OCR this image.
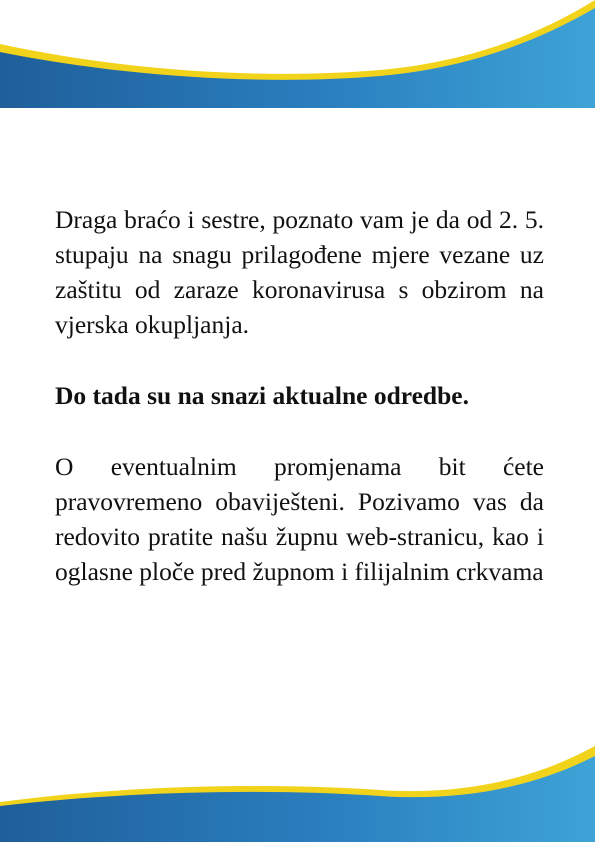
Draga braćo i sestre, poznato vam je da od 2. 5. stupaju na snagu prilagođene mjere vezane uz zaštitu od zaraze koronavirusa s obzirom na vjerska okupljanja.

Do tada su na snazi aktualne odredbe.

O eventualnim promjenama bit ćete pravovremeno obaviješteni. Pozivamo vas da redovito pratite našu župnu web-stranicu, kao i oglasne ploče pred župnom i filijalnim crkvama
